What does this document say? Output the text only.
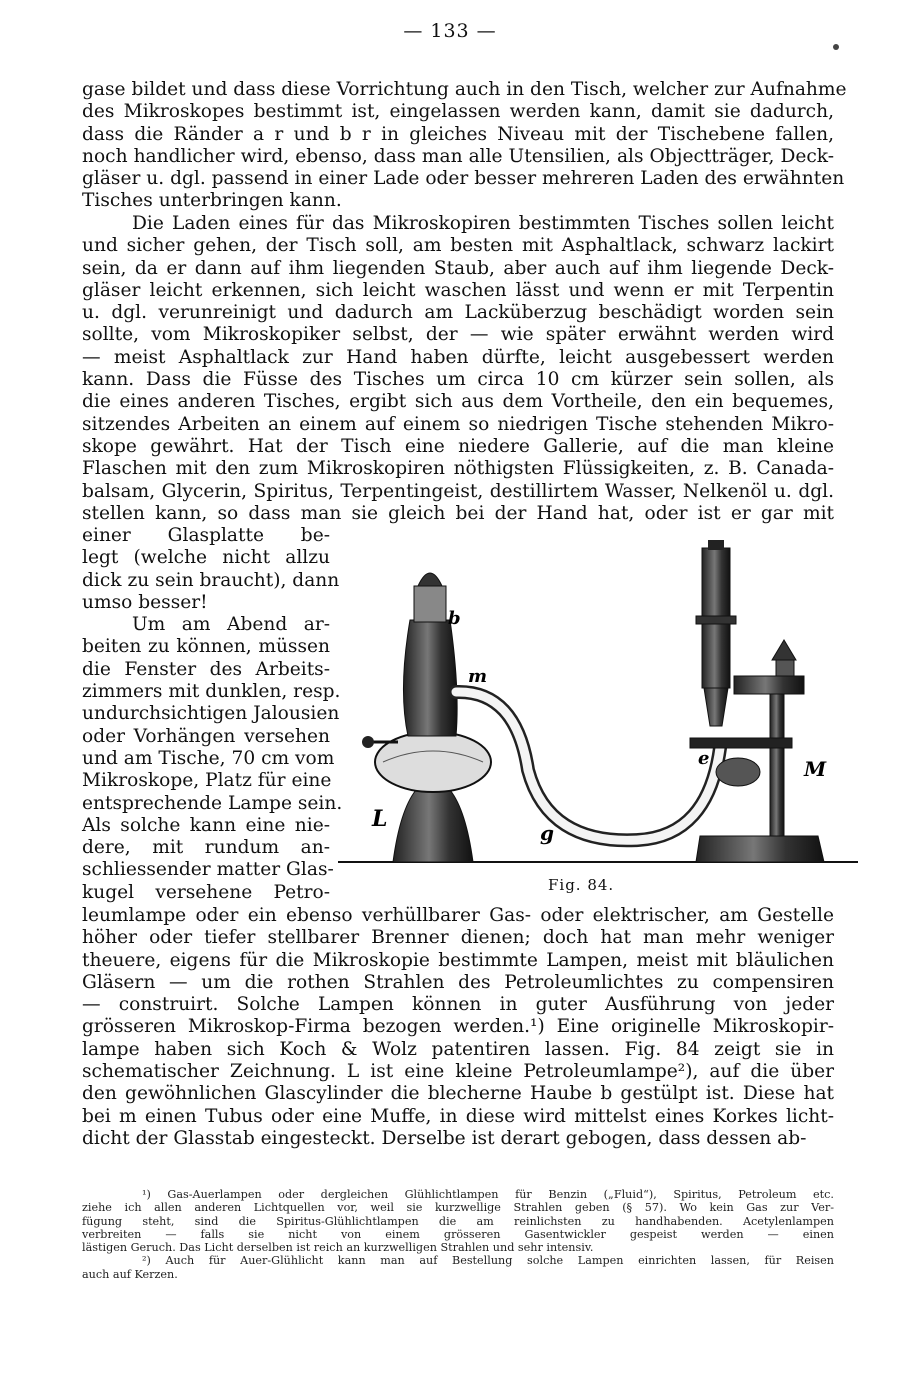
— 133 —
gase bildet und dass diese Vorrichtung auch in den Tisch, welcher zur Aufnahme
des Mikroskopes bestimmt ist, eingelassen werden kann, damit sie dadurch,
dass die Ränder a r und b r in gleiches Niveau mit der Tischebene fallen,
noch handlicher wird, ebenso, dass man alle Utensilien, als Objectträger, Deck-
gläser u. dgl. passend in einer Lade oder besser mehreren Laden des erwähnten
Tisches unterbringen kann.
Die Laden eines für das Mikroskopiren bestimmten Tisches sollen leicht
und sicher gehen, der Tisch soll, am besten mit Asphaltlack, schwarz lackirt
sein, da er dann auf ihm liegenden Staub, aber auch auf ihm liegende Deck-
gläser leicht erkennen, sich leicht waschen lässt und wenn er mit Terpentin
u. dgl. verunreinigt und dadurch am Lacküberzug beschädigt worden sein
sollte, vom Mikroskopiker selbst, der — wie später erwähnt werden wird
— meist Asphaltlack zur Hand haben dürfte, leicht ausgebessert werden
kann. Dass die Füsse des Tisches um circa 10 cm kürzer sein sollen, als
die eines anderen Tisches, ergibt sich aus dem Vortheile, den ein bequemes,
sitzendes Arbeiten an einem auf einem so niedrigen Tische stehenden Mikro-
skope gewährt. Hat der Tisch eine niedere Gallerie, auf die man kleine
Flaschen mit den zum Mikroskopiren nöthigsten Flüssigkeiten, z. B. Canada-
balsam, Glycerin, Spiritus, Terpentingeist, destillirtem Wasser, Nelkenöl u. dgl.
stellen kann, so dass man sie gleich bei der Hand hat, oder ist er gar mit
einer Glasplatte be-
legt (welche nicht allzu
dick zu sein braucht), dann
umso besser!
Um am Abend ar-
beiten zu können, müssen
die Fenster des Arbeits-
zimmers mit dunklen, resp.
undurchsichtigen Jalousien
oder Vorhängen versehen
und am Tische, 70 cm vom
Mikroskope, Platz für eine
entsprechende Lampe sein.
Als solche kann eine nie-
dere, mit rundum an-
schliessender matter Glas-
kugel versehene Petro-
b
m
L
g
e	M
Fig. 84.
leumlampe oder ein ebenso verhüllbarer Gas- oder elektrischer, am Gestelle
höher oder tiefer stellbarer Brenner dienen; doch hat man mehr weniger
theuere, eigens für die Mikroskopie bestimmte Lampen, meist mit bläulichen
Gläsern — um die rothen Strahlen des Petroleumlichtes zu compensiren
— construirt. Solche Lampen können in guter Ausführung von jeder
grösseren Mikroskop-Firma bezogen werden.¹) Eine originelle Mikroskopir-
lampe haben sich Koch & Wolz patentiren lassen. Fig. 84 zeigt sie in
schematischer Zeichnung. L ist eine kleine Petroleumlampe²), auf die über
den gewöhnlichen Glascylinder die blecherne Haube b gestülpt ist. Diese hat
bei m einen Tubus oder eine Muffe, in diese wird mittelst eines Korkes licht-
dicht der Glasstab eingesteckt. Derselbe ist derart gebogen, dass dessen ab-
¹) Gas-Auerlampen oder dergleichen Glühlichtlampen für Benzin („Fluid“), Spiritus, Petroleum etc.
ziehe ich allen anderen Lichtquellen vor, weil sie kurzwellige Strahlen geben (§ 57). Wo kein Gas zur Ver-
fügung steht, sind die Spiritus-Glühlichtlampen die am reinlichsten zu handhabenden. Acetylenlampen
verbreiten — falls sie nicht von einem grösseren Gasentwickler gespeist werden — einen
lästigen Geruch. Das Licht derselben ist reich an kurzwelligen Strahlen und sehr intensiv.
²) Auch für Auer-Glühlicht kann man auf Bestellung solche Lampen einrichten lassen, für Reisen
auch auf Kerzen.
